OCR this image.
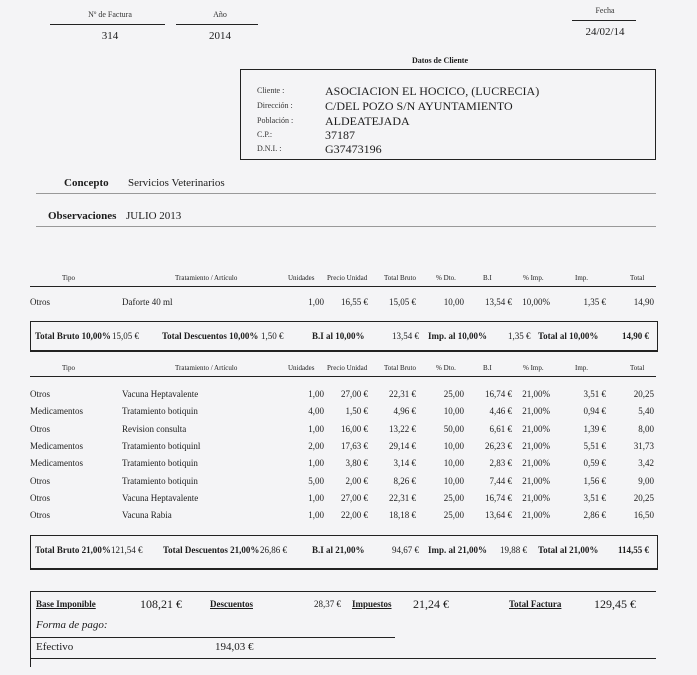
Nº de Factura
314
Año
2014
Fecha
24/02/14
Datos de Cliente
Cliente :	ASOCIACION EL HOCICO, (LUCRECIA)
Dirección :	C/DEL POZO S/N AYUNTAMIENTO
Población :	ALDEATEJADA
C.P.:	37187
D.N.I. :	G37473196
Concepto Servicios Veterinarios
Observaciones JULIO 2013
Tipo	Tratamiento / Artículo	Unidades Precio Unidad Total Bruto	% Dto.	B.I	% Imp.	Imp.	Total
Otros	Daforte 40 ml	1,00	16,55 €	15,05 €	10,00	13,54 € 10,00%	1,35 €	14,90
Total Bruto 10,00% 15,05 €	Total Descuentos 10,00% 1,50 €	B.I al 10,00%	13,54 € Imp. al 10,00% 1,35 € Total al 10,00%	14,90 €
Tipo	Tratamiento / Artículo	Unidades Precio Unidad Total Bruto	% Dto.	B.I	% Imp.	Imp.	Total
Otros	Vacuna Heptavalente	1,00	27,00 €	22,31 €	25,00	16,74 € 21,00%	3,51 €	20,25
Medicamentos	Tratamiento botiquin	4,00	1,50 €	4,96 €	10,00	4,46 € 21,00%	0,94 €	5,40
Otros	Revision consulta	1,00	16,00 €	13,22 €	50,00	6,61 € 21,00%	1,39 €	8,00
Medicamentos	Tratamiento botiquinl	2,00	17,63 €	29,14 €	10,00	26,23 € 21,00%	5,51 €	31,73
Medicamentos	Tratamiento botiquin	1,00	3,80 €	3,14 €	10,00	2,83 € 21,00%	0,59 €	3,42
Otros	Tratamiento botiquin	5,00	2,00 €	8,26 €	10,00	7,44 € 21,00%	1,56 €	9,00
Otros	Vacuna Heptavalente	1,00	27,00 €	22,31 €	25,00	16,74 € 21,00%	3,51 €	20,25
Otros	Vacuna Rabia	1,00	22,00 €	18,18 €	25,00	13,64 € 21,00%	2,86 €	16,50
Total Bruto 21,00% 121,54 € Total Descuentos 21,00% 26,86 €	B.I al 21,00%	94,67 € Imp. al 21,00% 19,88 € Total al 21,00% 114,55 €
Base Imponible	108,21 €	Descuentos	28,37 € Impuestos 21,24 €	Total Factura	129,45 €
Forma de pago:
Efectivo	194,03 €
